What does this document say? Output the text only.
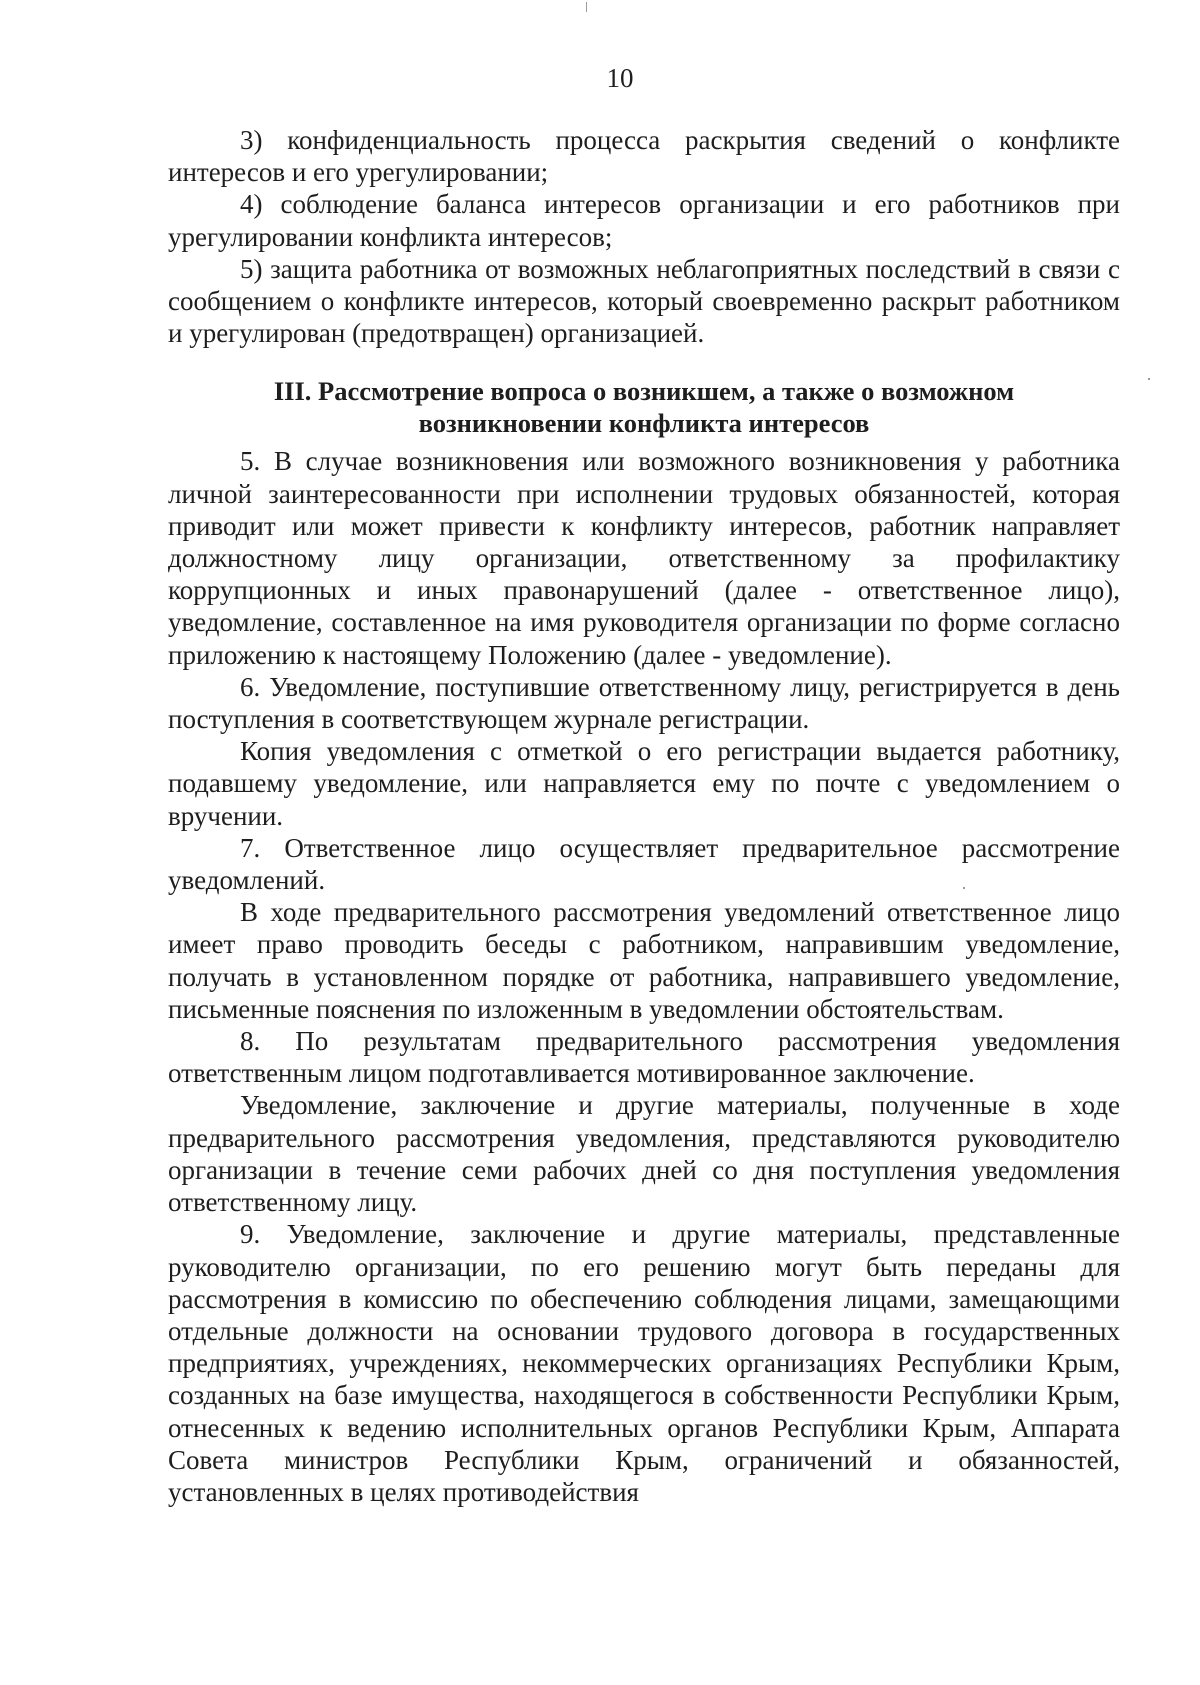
10

3) конфиденциальность процесса раскрытия сведений о конфликте интересов и его урегулировании;

4) соблюдение баланса интересов организации и его работников при урегулировании конфликта интересов;

5) защита работника от возможных неблагоприятных последствий в связи с сообщением о конфликте интересов, который своевременно раскрыт работником и урегулирован (предотвращен) организацией.

III. Рассмотрение вопроса о возникшем, а также о возможном
возникновении конфликта интересов

5. В случае возникновения или возможного возникновения у работника личной заинтересованности при исполнении трудовых обязанностей, которая приводит или может привести к конфликту интересов, работник направляет должностному лицу организации, ответственному за профилактику коррупционных и иных правонарушений (далее - ответственное лицо), уведомление, составленное на имя руководителя организации по форме согласно приложению к настоящему Положению (далее - уведомление).

6. Уведомление, поступившие ответственному лицу, регистрируется в день поступления в соответствующем журнале регистрации.

Копия уведомления с отметкой о его регистрации выдается работнику, подавшему уведомление, или направляется ему по почте с уведомлением о вручении.

7. Ответственное лицо осуществляет предварительное рассмотрение уведомлений.

В ходе предварительного рассмотрения уведомлений ответственное лицо имеет право проводить беседы с работником, направившим уведомление, получать в установленном порядке от работника, направившего уведомление, письменные пояснения по изложенным в уведомлении обстоятельствам.

8. По результатам предварительного рассмотрения уведомления ответственным лицом подготавливается мотивированное заключение.

Уведомление, заключение и другие материалы, полученные в ходе предварительного рассмотрения уведомления, представляются руководителю организации в течение семи рабочих дней со дня поступления уведомления ответственному лицу.

9. Уведомление, заключение и другие материалы, представленные руководителю организации, по его решению могут быть переданы для рассмотрения в комиссию по обеспечению соблюдения лицами, замещающими отдельные должности на основании трудового договора в государственных предприятиях, учреждениях, некоммерческих организациях Республики Крым, созданных на базе имущества, находящегося в собственности Республики Крым, отнесенных к ведению исполнительных органов Республики Крым, Аппарата Совета министров Республики Крым, ограничений и обязанностей, установленных в целях противодействия
